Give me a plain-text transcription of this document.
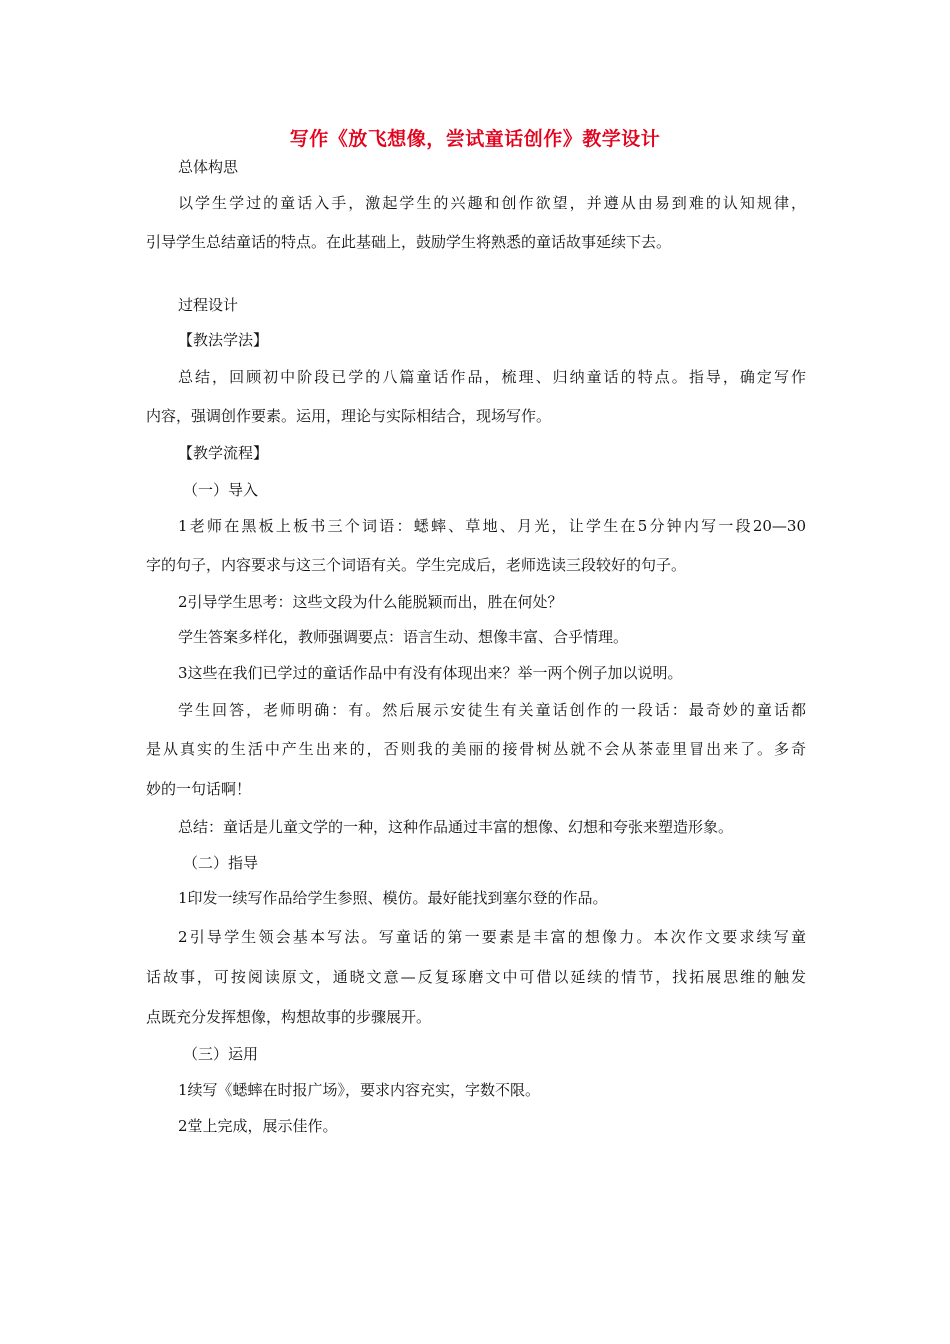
写作《放飞想像，尝试童话创作》教学设计
总体构思
以学生学过的童话入手，激起学生的兴趣和创作欲望，并遵从由易到难的认知规律，
引导学生总结童话的特点。在此基础上，鼓励学生将熟悉的童话故事延续下去。
过程设计
【教法学法】
总结，回顾初中阶段已学的八篇童话作品，梳理、归纳童话的特点。指导，确定写作
内容，强调创作要素。运用，理论与实际相结合，现场写作。
【教学流程】
（一）导入
1老师在黑板上板书三个词语：蟋蟀、草地、月光，让学生在5分钟内写一段20—30
字的句子，内容要求与这三个词语有关。学生完成后，老师选读三段较好的句子。
2引导学生思考：这些文段为什么能脱颖而出，胜在何处？
学生答案多样化，教师强调要点：语言生动、想像丰富、合乎情理。
3这些在我们已学过的童话作品中有没有体现出来？举一两个例子加以说明。
学生回答，老师明确：有。然后展示安徒生有关童话创作的一段话：最奇妙的童话都
是从真实的生活中产生出来的，否则我的美丽的接骨树丛就不会从茶壶里冒出来了。多奇
妙的一句话啊！
总结：童话是儿童文学的一种，这种作品通过丰富的想像、幻想和夸张来塑造形象。
（二）指导
1印发一续写作品给学生参照、模仿。最好能找到塞尔登的作品。
2引导学生领会基本写法。写童话的第一要素是丰富的想像力。本次作文要求续写童
话故事，可按阅读原文，通晓文意—反复琢磨文中可借以延续的情节，找拓展思维的触发
点既充分发挥想像，构想故事的步骤展开。
（三）运用
1续写《蟋蟀在时报广场》，要求内容充实，字数不限。
2堂上完成，展示佳作。
